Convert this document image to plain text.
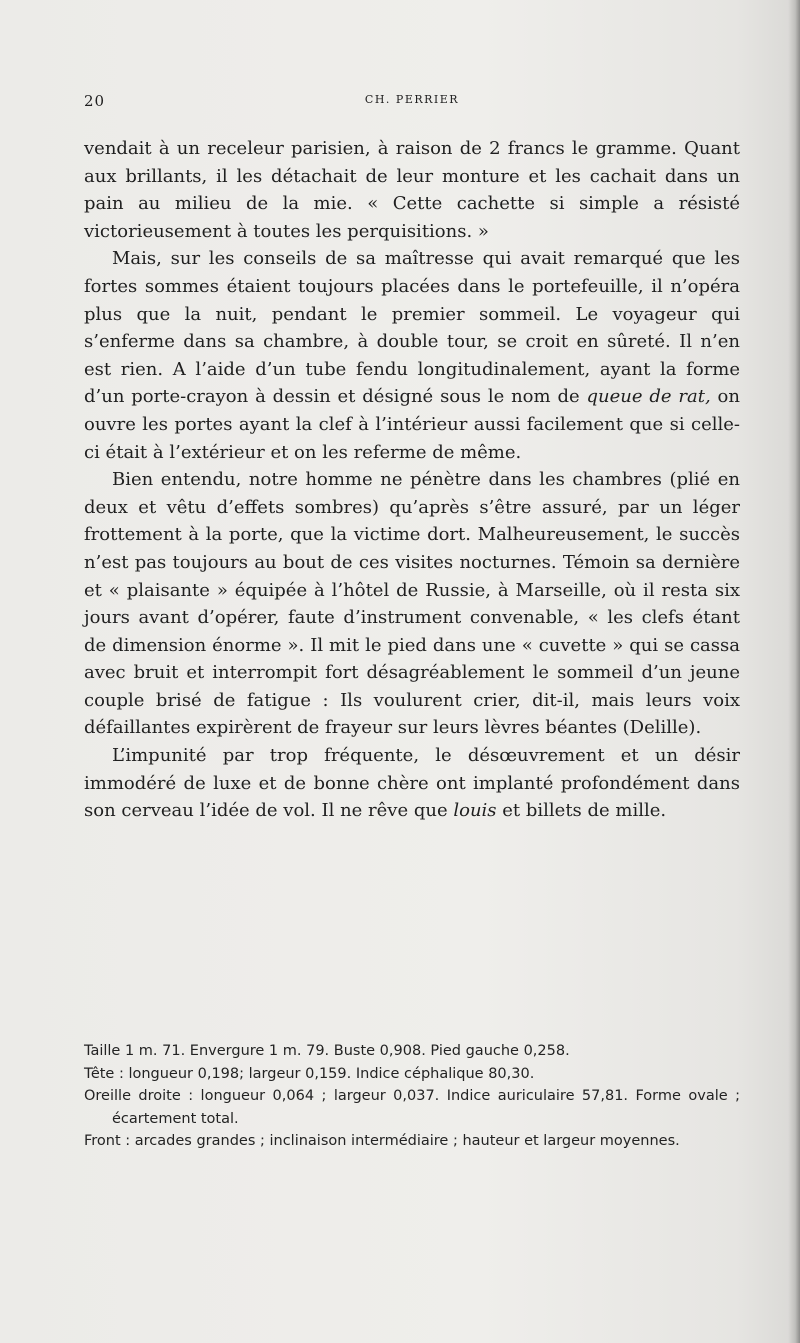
20	CH. PERRIER

vendait à un receleur parisien, à raison de 2 francs le gramme. Quant aux brillants, il les détachait de leur monture et les cachait dans un pain au milieu de la mie. « Cette cachette si simple a résisté victorieusement à toutes les perquisitions. »

Mais, sur les conseils de sa maîtresse qui avait remarqué que les fortes sommes étaient toujours placées dans le portefeuille, il n’opéra plus que la nuit, pendant le premier sommeil. Le voyageur qui s’enferme dans sa chambre, à double tour, se croit en sûreté. Il n’en est rien. A l’aide d’un tube fendu longitudinalement, ayant la forme d’un porte-crayon à dessin et désigné sous le nom de queue de rat, on ouvre les portes ayant la clef à l’intérieur aussi facilement que si celle-ci était à l’extérieur et on les referme de même.

Bien entendu, notre homme ne pénètre dans les chambres (plié en deux et vêtu d’effets sombres) qu’après s’être assuré, par un léger frottement à la porte, que la victime dort. Malheureusement, le succès n’est pas toujours au bout de ces visites nocturnes. Témoin sa dernière et « plaisante » équipée à l’hôtel de Russie, à Marseille, où il resta six jours avant d’opérer, faute d’instrument convenable, « les clefs étant de dimension énorme ». Il mit le pied dans une « cuvette » qui se cassa avec bruit et interrompit fort désagréablement le sommeil d’un jeune couple brisé de fatigue : Ils voulurent crier, dit-il, mais leurs voix défaillantes expirèrent de frayeur sur leurs lèvres béantes (Delille).

L’impunité par trop fréquente, le désœuvrement et un désir immodéré de luxe et de bonne chère ont implanté profondément dans son cerveau l’idée de vol. Il ne rêve que louis et billets de mille.

Taille 1 m. 71. Envergure 1 m. 79. Buste 0,908. Pied gauche 0,258.

Tête : longueur 0,198; largeur 0,159. Indice céphalique 80,30.

Oreille droite : longueur 0,064 ; largeur 0,037. Indice auriculaire 57,81. Forme ovale ; écartement total.

Front : arcades grandes ; inclinaison intermédiaire ; hauteur et largeur moyennes.
